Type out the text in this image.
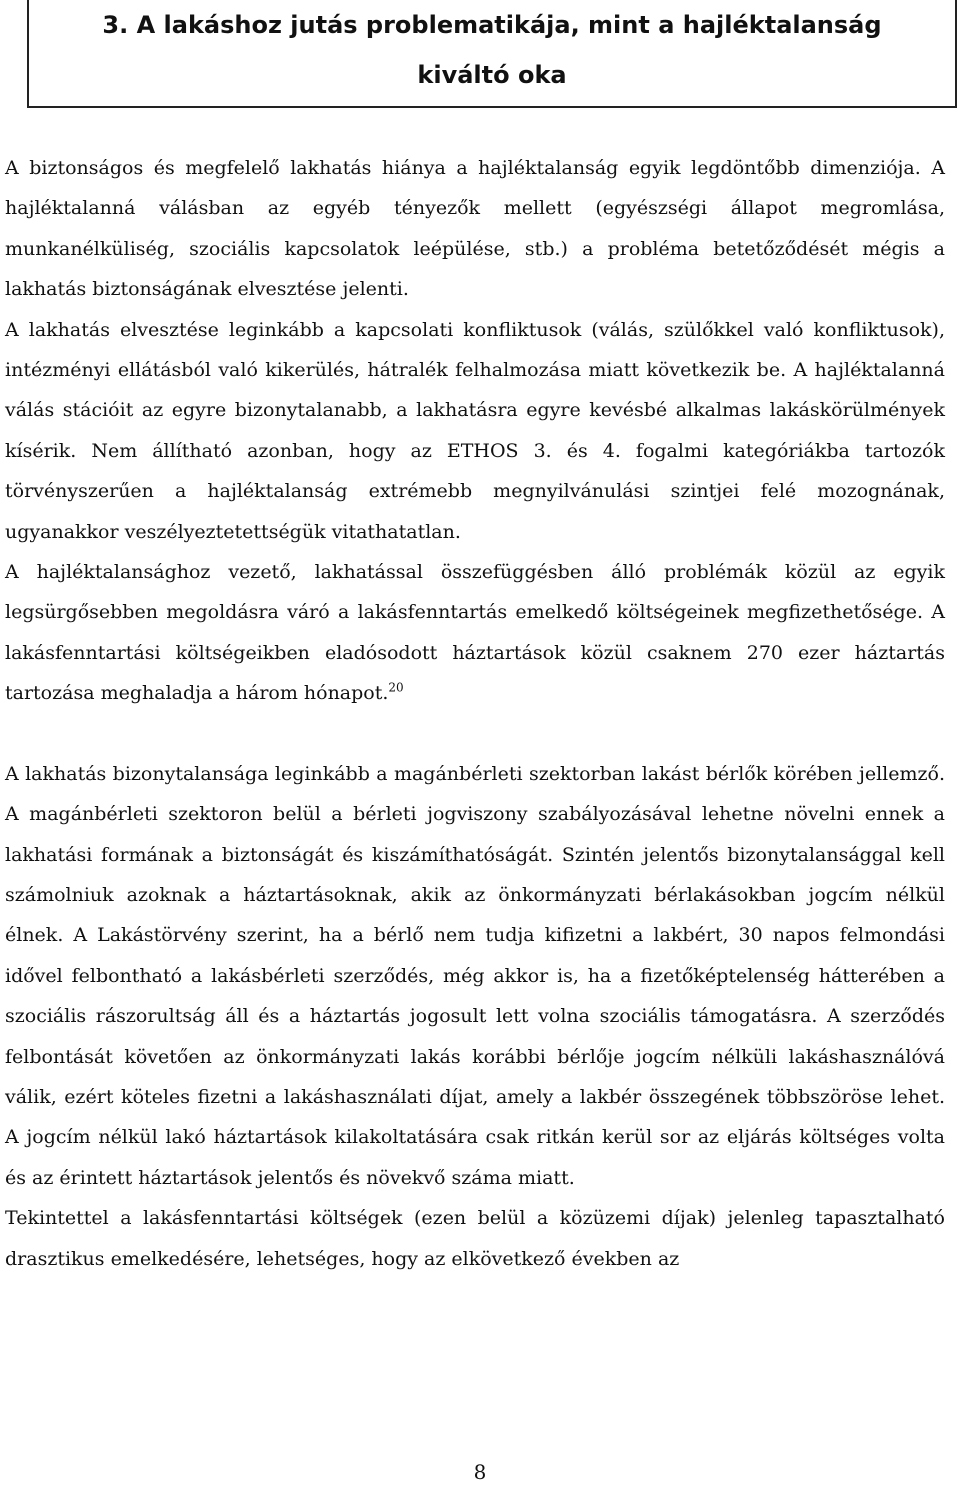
3. A lakáshoz jutás problematikája, mint a hajléktalanság kiváltó oka

A biztonságos és megfelelő lakhatás hiánya a hajléktalanság egyik legdöntőbb dimenziója. A hajléktalanná válásban az egyéb tényezők mellett (egyészségi állapot megromlása, munkanélküliség, szociális kapcsolatok leépülése, stb.) a probléma betetőződését mégis a lakhatás biztonságának elvesztése jelenti.

A lakhatás elvesztése leginkább a kapcsolati konfliktusok (válás, szülőkkel való konfliktusok), intézményi ellátásból való kikerülés, hátralék felhalmozása miatt következik be. A hajléktalanná válás stációit az egyre bizonytalanabb, a lakhatásra egyre kevésbé alkalmas lakáskörülmények kísérik. Nem állítható azonban, hogy az ETHOS 3. és 4. fogalmi kategóriákba tartozók törvényszerűen a hajléktalanság extrémebb megnyilvánulási szintjei felé mozognának, ugyanakkor veszélyeztetettségük vitathatatlan.

A hajléktalansághoz vezető, lakhatással összefüggésben álló problémák közül az egyik legsürgősebben megoldásra váró a lakásfenntartás emelkedő költségeinek megfizethetősége. A lakásfenntartási költségeikben eladósodott háztartások közül csaknem 270 ezer háztartás tartozása meghaladja a három hónapot.$^{20}$

A lakhatás bizonytalansága leginkább a magánbérleti szektorban lakást bérlők körében jellemző. A magánbérleti szektoron belül a bérleti jogviszony szabályozásával lehetne növelni ennek a lakhatási formának a biztonságát és kiszámíthatóságát. Szintén jelentős bizonytalansággal kell számolniuk azoknak a háztartásoknak, akik az önkormányzati bérlakásokban jogcím nélkül élnek. A Lakástörvény szerint, ha a bérlő nem tudja kifizetni a lakbért, 30 napos felmondási idővel felbontható a lakásbérleti szerződés, még akkor is, ha a fizetőképtelenség hátterében a szociális rászorultság áll és a háztartás jogosult lett volna szociális támogatásra. A szerződés felbontását követően az önkormányzati lakás korábbi bérlője jogcím nélküli lakáshasználóvá válik, ezért köteles fizetni a lakáshasználati díjat, amely a lakbér összegének többszöröse lehet. A jogcím nélkül lakó háztartások kilakoltatására csak ritkán kerül sor az eljárás költséges volta és az érintett háztartások jelentős és növekvő száma miatt.

Tekintettel a lakásfenntartási költségek (ezen belül a közüzemi díjak) jelenleg tapasztalható drasztikus emelkedésére, lehetséges, hogy az elkövetkező években az

8
